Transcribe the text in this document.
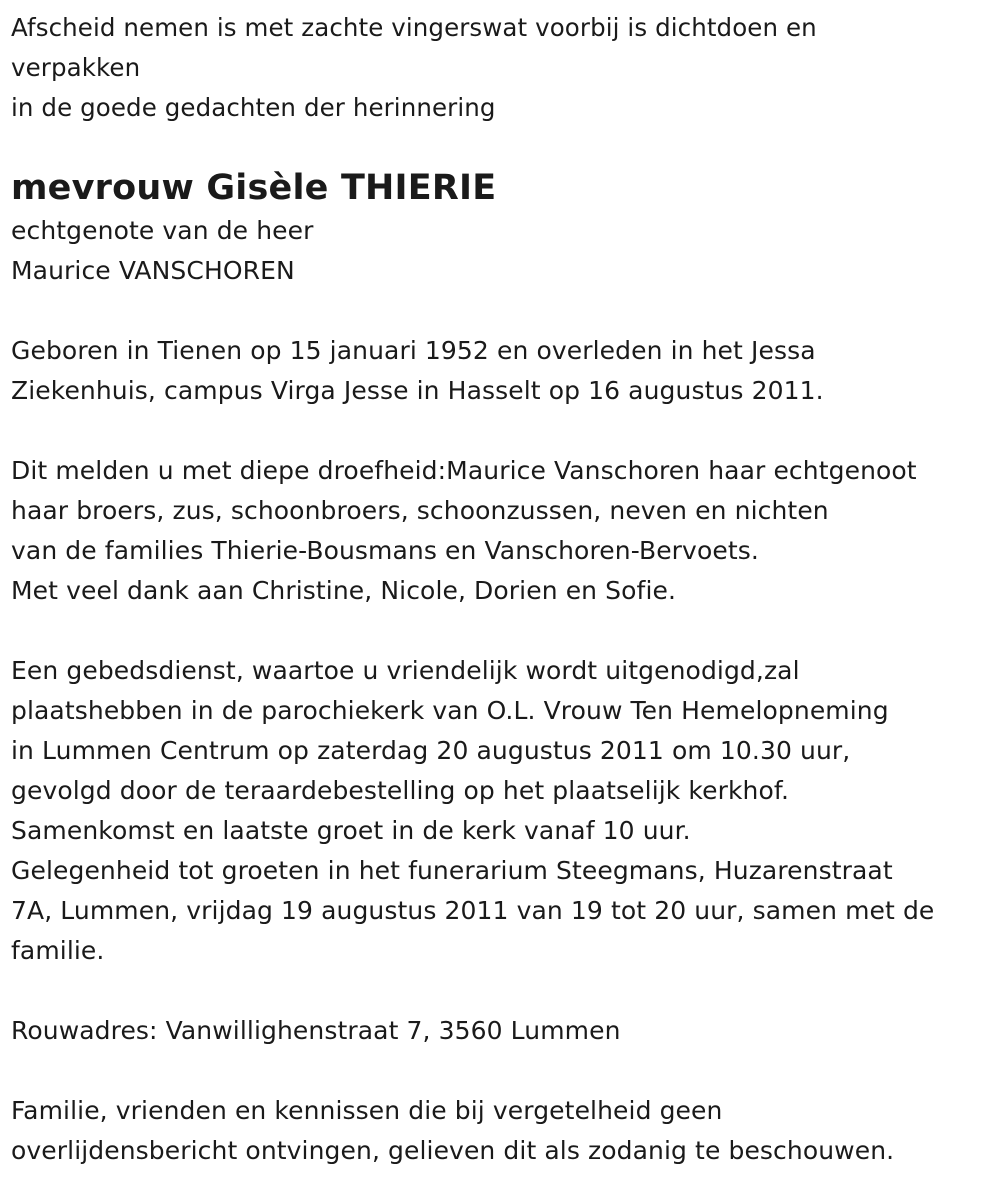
Afscheid nemen is met zachte vingerswat voorbij is dichtdoen en
verpakken
in de goede gedachten der herinnering
mevrouw Gisèle THIERIE
echtgenote van de heer
Maurice VANSCHOREN
Geboren in Tienen op 15 januari 1952 en overleden in het Jessa
Ziekenhuis, campus Virga Jesse in Hasselt op 16 augustus 2011.
Dit melden u met diepe droefheid:Maurice Vanschoren haar echtgenoot
haar broers, zus, schoonbroers, schoonzussen, neven en nichten
van de families Thierie-Bousmans en Vanschoren-Bervoets.
Met veel dank aan Christine, Nicole, Dorien en Sofie.
Een gebedsdienst, waartoe u vriendelijk wordt uitgenodigd,zal
plaatshebben in de parochiekerk van O.L. Vrouw Ten Hemelopneming
in Lummen Centrum op zaterdag 20 augustus 2011 om 10.30 uur,
gevolgd door de teraardebestelling op het plaatselijk kerkhof.
Samenkomst en laatste groet in de kerk vanaf 10 uur.
Gelegenheid tot groeten in het funerarium Steegmans, Huzarenstraat
7A, Lummen, vrijdag 19 augustus 2011 van 19 tot 20 uur, samen met de
familie.
Rouwadres: Vanwillighenstraat 7, 3560 Lummen
Familie, vrienden en kennissen die bij vergetelheid geen
overlijdensbericht ontvingen, gelieven dit als zodanig te beschouwen.
